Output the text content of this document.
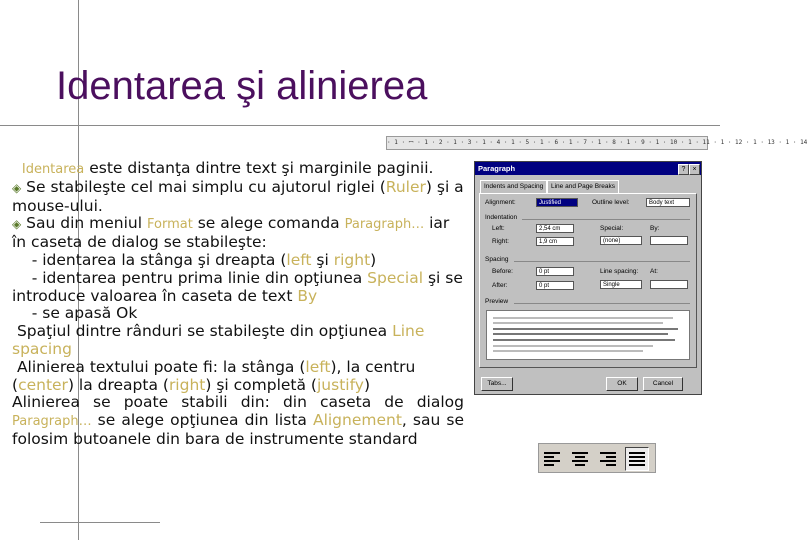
Identarea şi alinierea

Identarea este distanţa dintre text şi marginile paginii.

◈ Se stabileşte cel mai simplu cu ajutorul riglei (Ruler) şi a mouse-ului.

◈ Sau din meniul Format se alege comanda Paragraph… iar în caseta de dialog se stabileşte:

- identarea la stânga şi dreapta (left şi right)

- identarea pentru prima linie din opţiunea Special şi se introduce valoarea în caseta de text By

- se apasă Ok

Spaţiul dintre rânduri se stabileşte din opţiunea Line spacing

Alinierea textului poate fi: la stânga (left), la centru (center) la dreapta (right) şi completă (justify)

Alinierea se poate stabili din: din caseta de dialog Paragraph… se alege opţiunea din lista Alignement, sau se folosim butoanele din bara de instrumente standard

· 1 · ꟷ · 1 · 2 · 1 · 3 · 1 · 4 · 1 · 5 · 1 · 6 · 1 · 7 · 1 · 8 · 1 · 9 · 1 · 10 · 1 · 11 · 1 · 12 · 1 · 13 · 1 · 14
Paragraph	?	×
Indents and Spacing	Line and Page Breaks
Alignment:	Justified	Outline level:	Body text
Indentation
Left:	2,54 cm
Right:	1,9 cm
Special:
(none)
By:
Spacing
Before:	0 pt
After:	0 pt
Line spacing:
Single
At:
Preview
Tabs...	OK	Cancel
